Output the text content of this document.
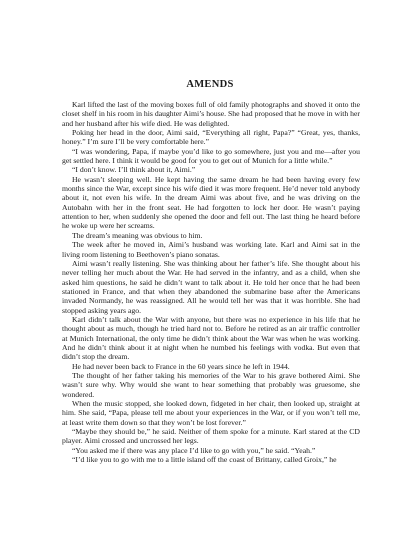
AMENDS

Karl lifted the last of the moving boxes full of old family photographs and shoved it onto the closet shelf in his room in his daughter Aimi’s house. She had proposed that he move in with her and her husband after his wife died. He was delighted.

Poking her head in the door, Aimi said, “Everything all right, Papa?” “Great, yes, thanks, honey.” I’m sure I’ll be very comfortable here.”

“I was wondering, Papa, if maybe you’d like to go somewhere, just you and me—after you get settled here. I think it would be good for you to get out of Munich for a little while.”

“I don’t know. I’ll think about it, Aimi.”

He wasn’t sleeping well. He kept having the same dream he had been having every few months since the War, except since his wife died it was more frequent. He’d never told anybody about it, not even his wife. In the dream Aimi was about five, and he was driving on the Autobahn with her in the front seat. He had forgotten to lock her door. He wasn’t paying attention to her, when suddenly she opened the door and fell out. The last thing he heard before he woke up were her screams.

The dream’s meaning was obvious to him.

The week after he moved in, Aimi’s husband was working late. Karl and Aimi sat in the living room listening to Beethoven’s piano sonatas.

Aimi wasn’t really listening. She was thinking about her father’s life. She thought about his never telling her much about the War. He had served in the infantry, and as a child, when she asked him questions, he said he didn’t want to talk about it. He told her once that he had been stationed in France, and that when they abandoned the submarine base after the Americans invaded Normandy, he was reassigned. All he would tell her was that it was horrible. She had stopped asking years ago.

Karl didn’t talk about the War with anyone, but there was no experience in his life that he thought about as much, though he tried hard not to. Before he retired as an air traffic controller at Munich International, the only time he didn’t think about the War was when he was working. And he didn’t think about it at night when he numbed his feelings with vodka. But even that didn’t stop the dream.

He had never been back to France in the 60 years since he left in 1944.

The thought of her father taking his memories of the War to his grave bothered Aimi. She wasn’t sure why. Why would she want to hear something that probably was gruesome, she wondered.

When the music stopped, she looked down, fidgeted in her chair, then looked up, straight at him. She said, “Papa, please tell me about your experiences in the War, or if you won’t tell me, at least write them down so that they won’t be lost forever.”

“Maybe they should be,” he said. Neither of them spoke for a minute. Karl stared at the CD player. Aimi crossed and uncrossed her legs.

“You asked me if there was any place I’d like to go with you,” he said. “Yeah.”

“I’d like you to go with me to a little island off the coast of Brittany, called Groix,” he
